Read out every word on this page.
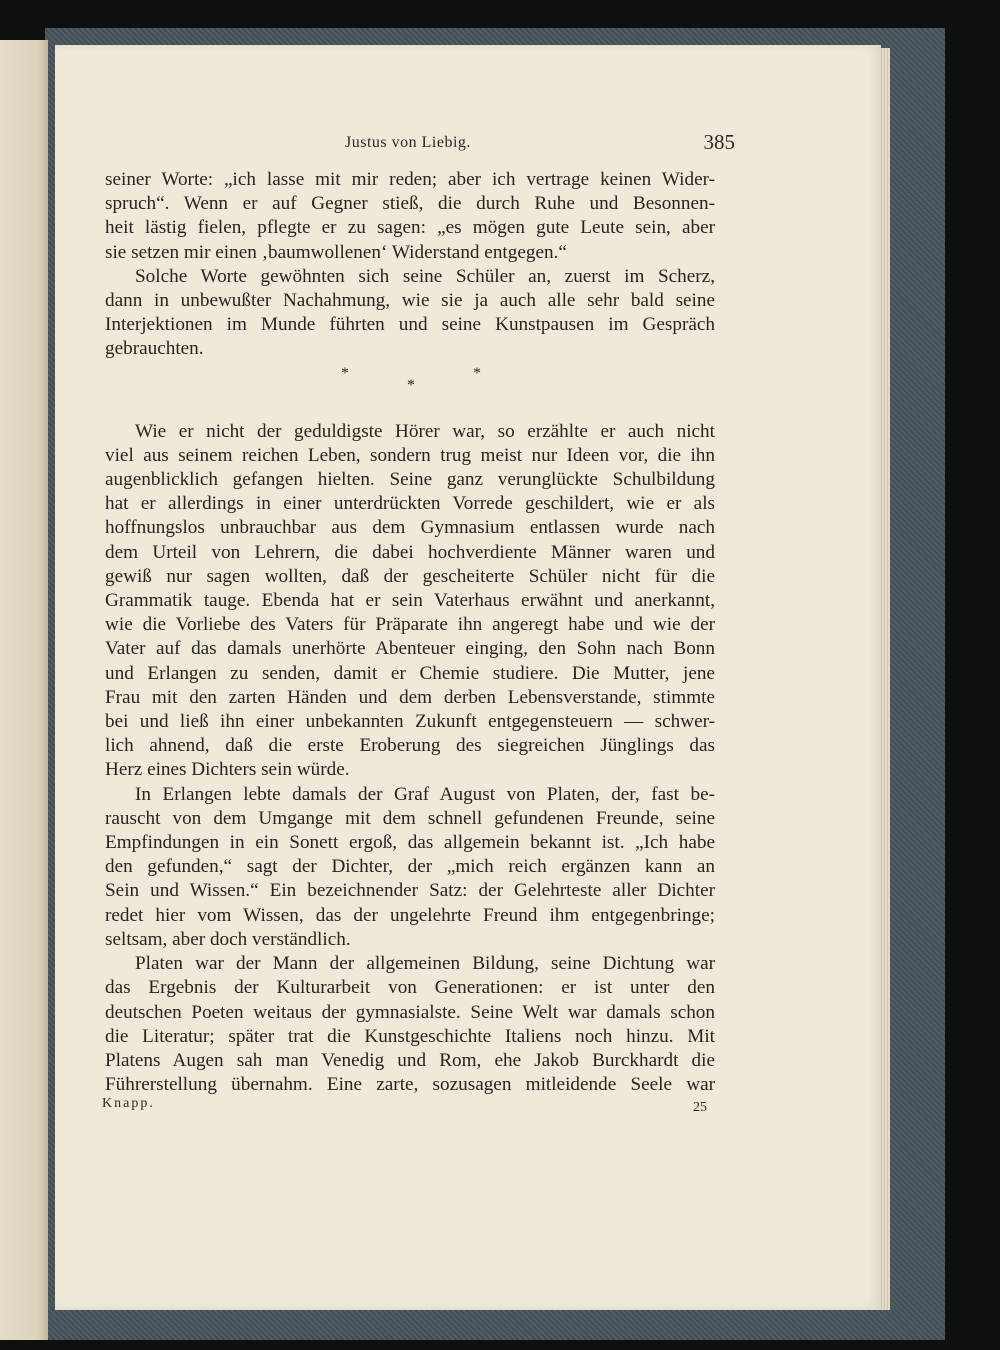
Justus von Liebig.	385
seiner Worte: „ich lasse mit mir reden; aber ich vertrage keinen Wider-
spruch“. Wenn er auf Gegner stieß, die durch Ruhe und Besonnen-
heit lästig fielen, pflegte er zu sagen: „es mögen gute Leute sein, aber
sie setzen mir einen ‚baumwollenen‘ Widerstand entgegen.“
Solche Worte gewöhnten sich seine Schüler an, zuerst im Scherz,
dann in unbewußter Nachahmung, wie sie ja auch alle sehr bald seine
Interjektionen im Munde führten und seine Kunstpausen im Gespräch
gebrauchten.
*
*
*
Wie er nicht der geduldigste Hörer war, so erzählte er auch nicht
viel aus seinem reichen Leben, sondern trug meist nur Ideen vor, die ihn
augenblicklich gefangen hielten. Seine ganz verunglückte Schulbildung
hat er allerdings in einer unterdrückten Vorrede geschildert, wie er als
hoffnungslos unbrauchbar aus dem Gymnasium entlassen wurde nach
dem Urteil von Lehrern, die dabei hochverdiente Männer waren und
gewiß nur sagen wollten, daß der gescheiterte Schüler nicht für die
Grammatik tauge. Ebenda hat er sein Vaterhaus erwähnt und anerkannt,
wie die Vorliebe des Vaters für Präparate ihn angeregt habe und wie der
Vater auf das damals unerhörte Abenteuer einging, den Sohn nach Bonn
und Erlangen zu senden, damit er Chemie studiere. Die Mutter, jene
Frau mit den zarten Händen und dem derben Lebensverstande, stimmte
bei und ließ ihn einer unbekannten Zukunft entgegensteuern — schwer-
lich ahnend, daß die erste Eroberung des siegreichen Jünglings das
Herz eines Dichters sein würde.
In Erlangen lebte damals der Graf August von Platen, der, fast be-
rauscht von dem Umgange mit dem schnell gefundenen Freunde, seine
Empfindungen in ein Sonett ergoß, das allgemein bekannt ist. „Ich habe
den gefunden,“ sagt der Dichter, der „mich reich ergänzen kann an
Sein und Wissen.“ Ein bezeichnender Satz: der Gelehrteste aller Dichter
redet hier vom Wissen, das der ungelehrte Freund ihm entgegenbringe;
seltsam, aber doch verständlich.
Platen war der Mann der allgemeinen Bildung, seine Dichtung war
das Ergebnis der Kulturarbeit von Generationen: er ist unter den
deutschen Poeten weitaus der gymnasialste. Seine Welt war damals schon
die Literatur; später trat die Kunstgeschichte Italiens noch hinzu. Mit
Platens Augen sah man Venedig und Rom, ehe Jakob Burckhardt die
Führerstellung übernahm. Eine zarte, sozusagen mitleidende Seele war
Knapp.	25
